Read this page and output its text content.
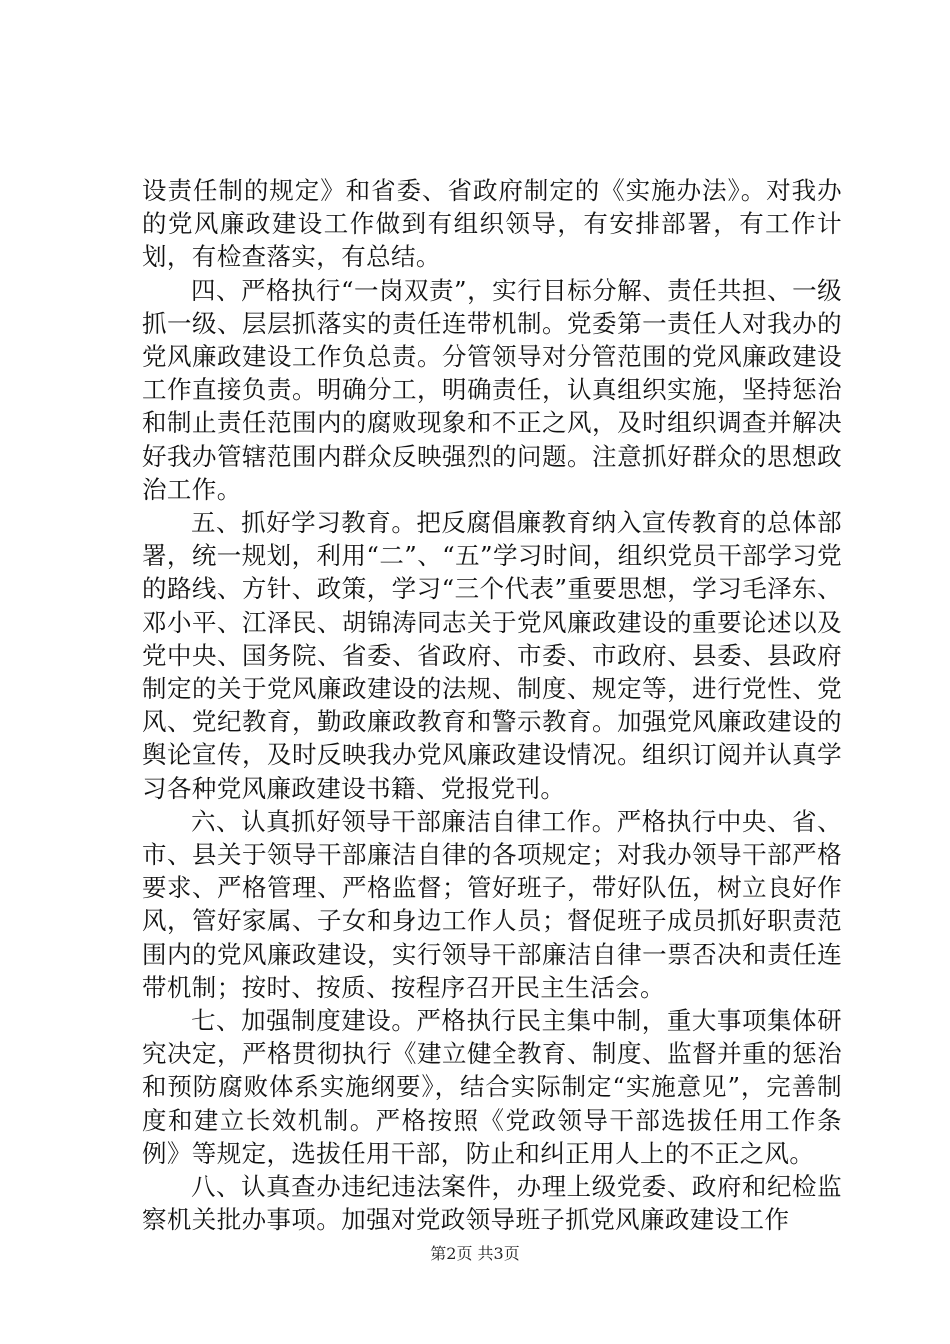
设责任制的规定》和省委、省政府制定的《实施办法》。对我办的党风廉政建设工作做到有组织领导，有安排部署，有工作计划，有检查落实，有总结。

四、严格执行“一岗双责”，实行目标分解、责任共担、一级抓一级、层层抓落实的责任连带机制。党委第一责任人对我办的党风廉政建设工作负总责。分管领导对分管范围的党风廉政建设工作直接负责。明确分工，明确责任，认真组织实施，坚持惩治和制止责任范围内的腐败现象和不正之风，及时组织调查并解决好我办管辖范围内群众反映强烈的问题。注意抓好群众的思想政治工作。

五、抓好学习教育。把反腐倡廉教育纳入宣传教育的总体部署，统一规划，利用“二”、“五”学习时间，组织党员干部学习党的路线、方针、政策，学习“三个代表”重要思想，学习毛泽东、邓小平、江泽民、胡锦涛同志关于党风廉政建设的重要论述以及党中央、国务院、省委、省政府、市委、市政府、县委、县政府制定的关于党风廉政建设的法规、制度、规定等，进行党性、党风、党纪教育，勤政廉政教育和警示教育。加强党风廉政建设的舆论宣传，及时反映我办党风廉政建设情况。组织订阅并认真学习各种党风廉政建设书籍、党报党刊。

六、认真抓好领导干部廉洁自律工作。严格执行中央、省、市、县关于领导干部廉洁自律的各项规定；对我办领导干部严格要求、严格管理、严格监督；管好班子，带好队伍，树立良好作风，管好家属、子女和身边工作人员；督促班子成员抓好职责范围内的党风廉政建设，实行领导干部廉洁自律一票否决和责任连带机制；按时、按质、按程序召开民主生活会。

七、加强制度建设。严格执行民主集中制，重大事项集体研究决定，严格贯彻执行《建立健全教育、制度、监督并重的惩治和预防腐败体系实施纲要》，结合实际制定“实施意见”，完善制度和建立长效机制。严格按照《党政领导干部选拔任用工作条例》等规定，选拔任用干部，防止和纠正用人上的不正之风。

八、认真查办违纪违法案件，办理上级党委、政府和纪检监察机关批办事项。加强对党政领导班子抓党风廉政建设工作

第2页 共3页
